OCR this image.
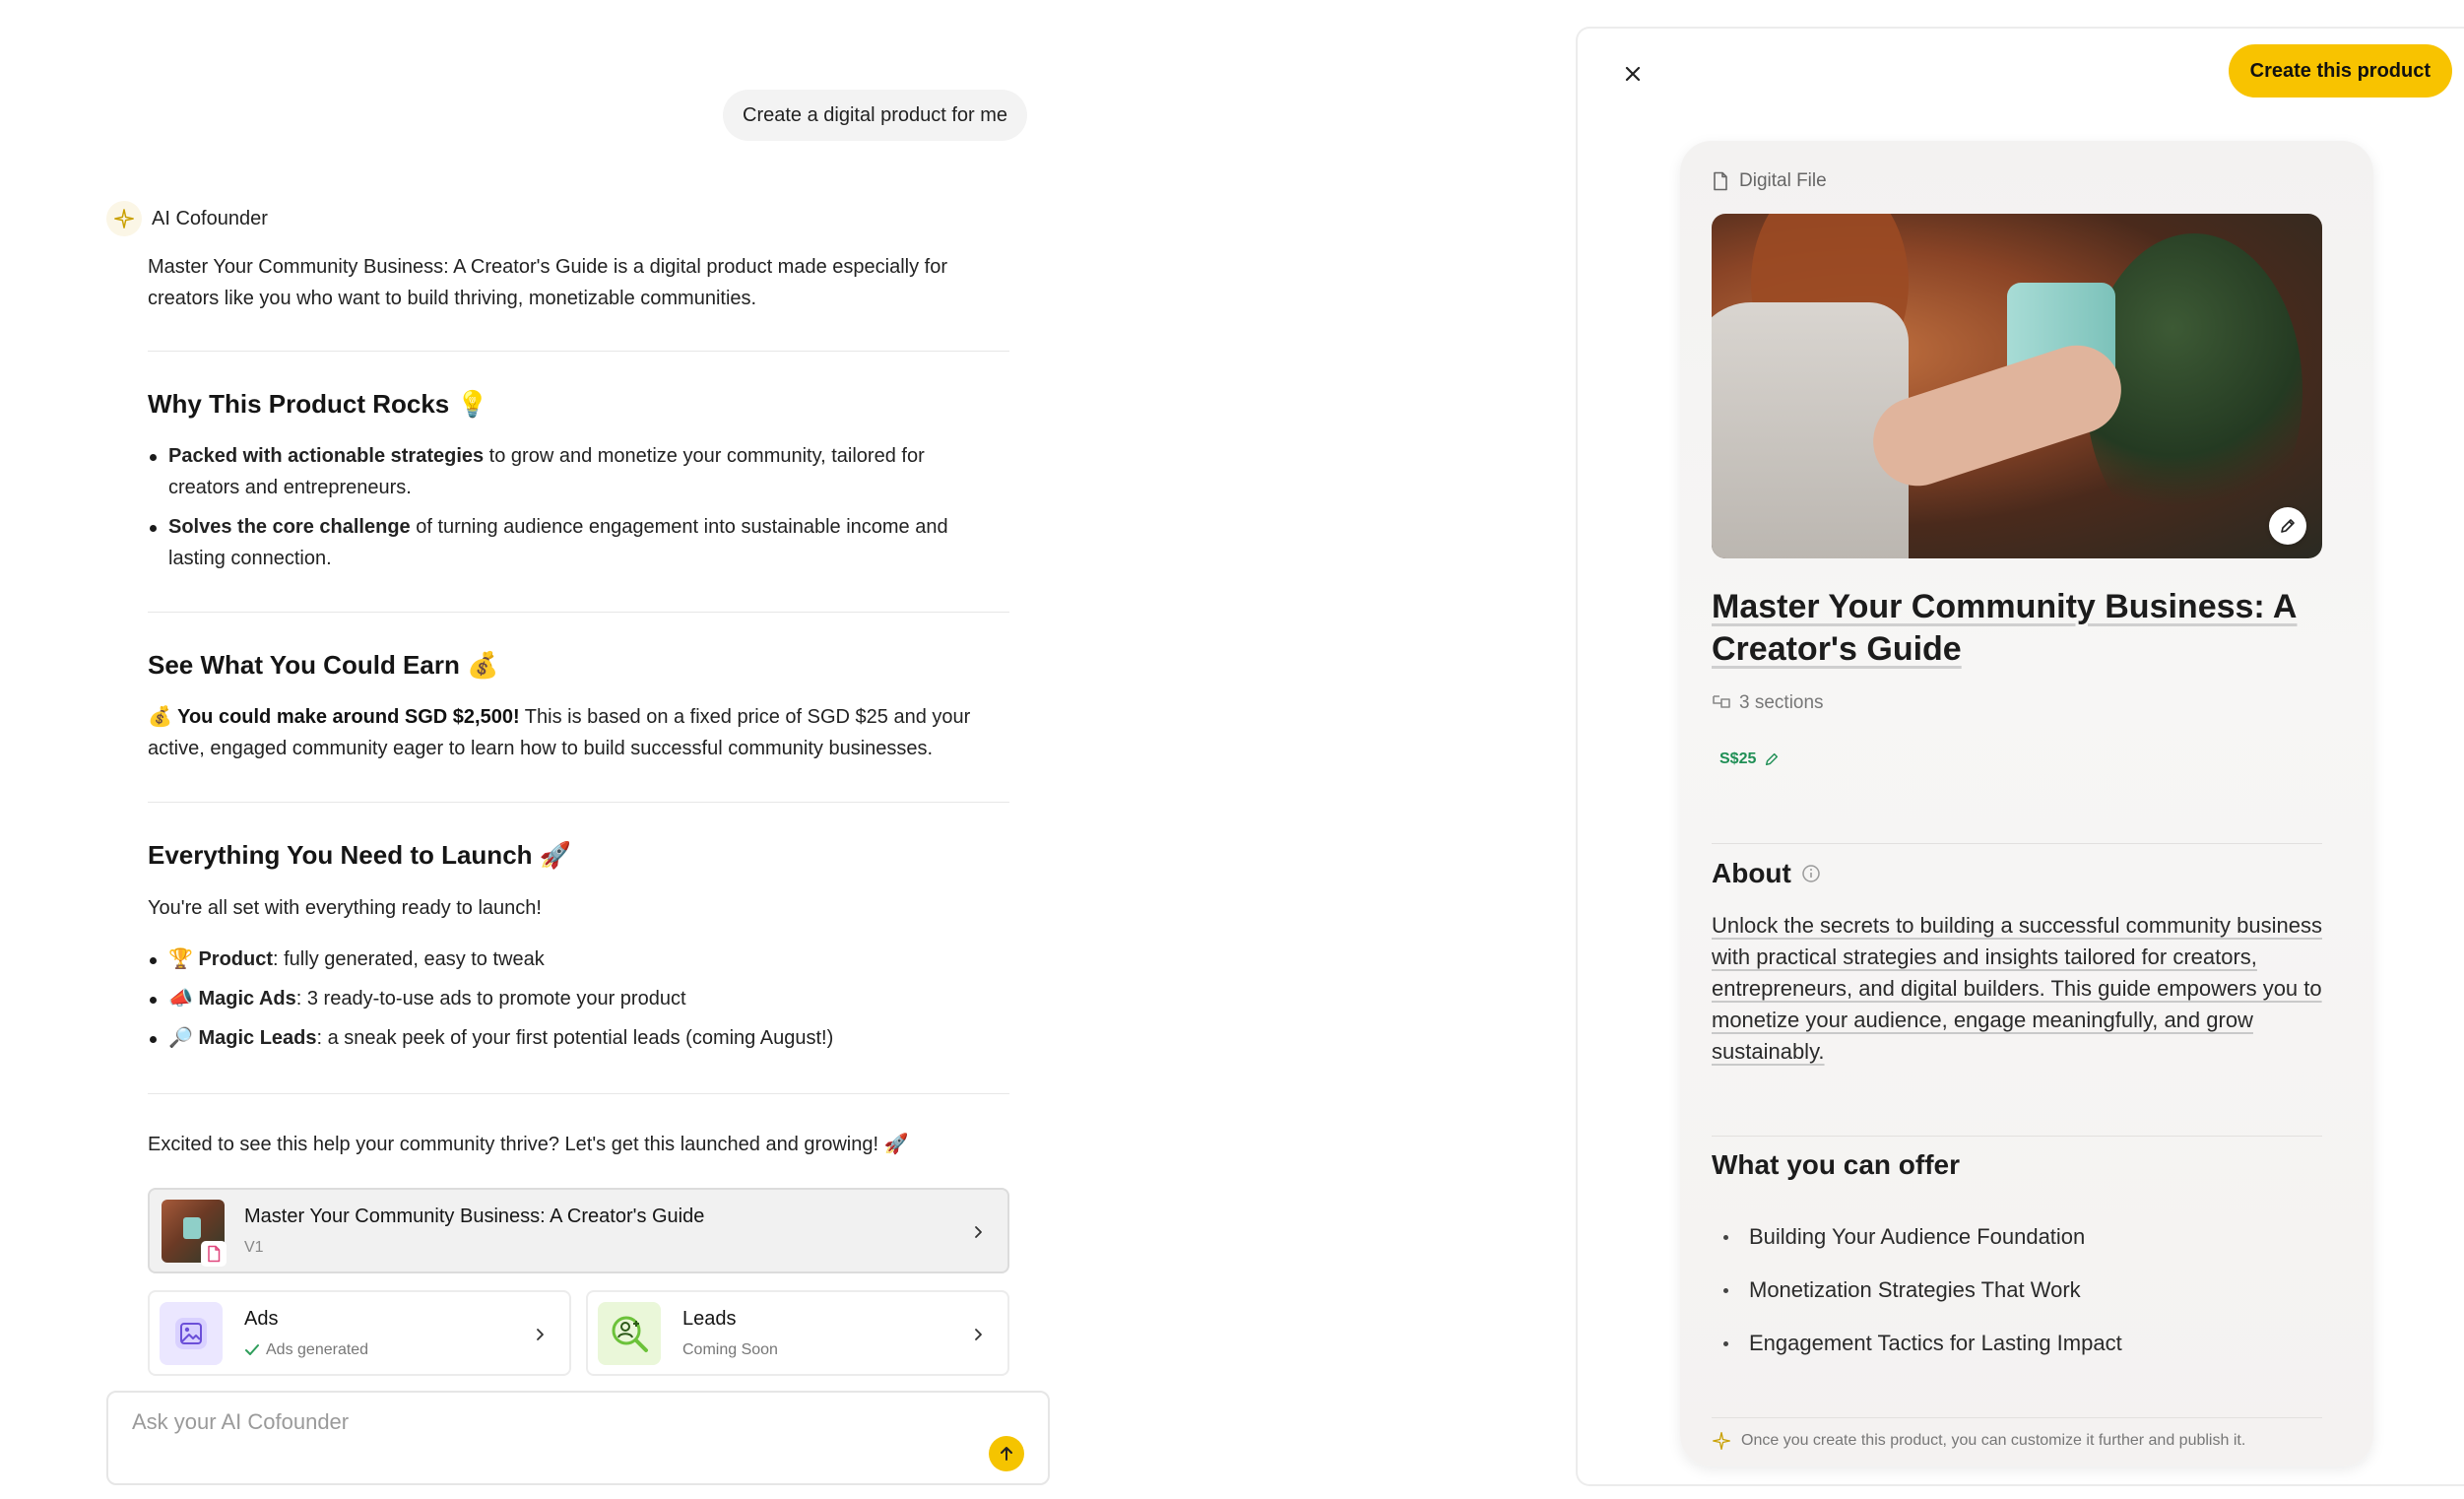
Create a digital product for me
AI Cofounder
Master Your Community Business: A Creator's Guide is a digital product made especially for
creators like you who want to build thriving, monetizable communities.
Why This Product Rocks 💡
Packed with actionable strategies to grow and monetize your community, tailored for
creators and entrepreneurs.
Solves the core challenge of turning audience engagement into sustainable income and
lasting connection.
See What You Could Earn 💰
💰 You could make around SGD $2,500! This is based on a fixed price of SGD $25 and your
active, engaged community eager to learn how to build successful community businesses.
Everything You Need to Launch 🚀
You're all set with everything ready to launch!
🏆 Product: fully generated, easy to tweak
📣 Magic Ads: 3 ready-to-use ads to promote your product
🔎 Magic Leads: a sneak peek of your first potential leads (coming August!)
Excited to see this help your community thrive? Let's get this launched and growing! 🚀
Master Your Community Business: A Creator's Guide
V1
Ads
Ads generated
Leads
Coming Soon
Ask your AI Cofounder
Create this product
Digital File
Master Your Community Business: A Creator's Guide
3 sections
S$25
About
Unlock the secrets to building a successful community business with practical strategies and insights tailored for creators, entrepreneurs, and digital builders. This guide empowers you to monetize your audience, engage meaningfully, and grow sustainably.
What you can offer
Building Your Audience Foundation
Monetization Strategies That Work
Engagement Tactics for Lasting Impact
Once you create this product, you can customize it further and publish it.
